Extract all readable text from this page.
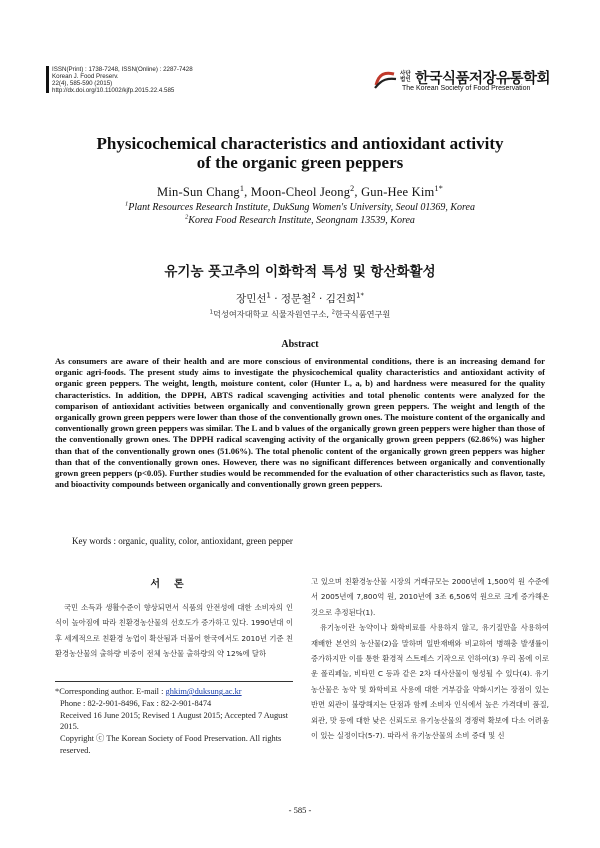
ISSN(Print) : 1738-7248, ISSN(Online) : 2287-7428
Korean J. Food Preserv.
22(4), 585-590 (2015)
http://dx.doi.org/10.11002/kjfp.2015.22.4.585
사단
법인 한국식품저장유통학회
The Korean Society of Food Preservation
Physicochemical characteristics and antioxidant activity
of the organic green peppers
Min-Sun Chang$^1$, Moon-Cheol Jeong$^2$, Gun-Hee Kim$^{1*}$
$^1$Plant Resources Research Institute, DukSung Women's University, Seoul 01369, Korea
$^2$Korea Food Research Institute, Seongnam 13539, Korea
유기농 풋고추의 이화학적 특성 및 항산화활성
장민선$^1$ · 정문철$^2$ · 김건희$^{1*}$
$^1$덕성여자대학교 식물자원연구소, $^2$한국식품연구원
Abstract
As consumers are aware of their health and are more conscious of environmental conditions, there is an increasing demand for organic agri-foods. The present study aims to investigate the physicochemical quality characteristics and antioxidant activity of organic green peppers. The weight, length, moisture content, color (Hunter L, a, b) and hardness were measured for the quality characteristics. In addition, the DPPH, ABTS radical scavenging activities and total phenolic contents were analyzed for the comparison of antioxidant activities between organically and conventionally grown green peppers. The weight and length of the organically grown green peppers were lower than those of the conventionally grown ones. The moisture content of the organically and conventionally grown green peppers was similar. The L and b values of the organically grown green peppers were higher than those of the conventionally grown ones. The DPPH radical scavenging activity of the organically grown green peppers (62.86%) was higher than that of the conventionally grown ones (51.06%). The total phenolic content of the organically grown green peppers was higher than that of the conventionally grown ones. However, there was no significant differences between organically and conventionally grown green peppers (p<0.05). Further studies would be recommended for the evaluation of other characteristics such as flavor, taste, and bioactivity compounds between organically and conventionally grown green peppers.
Key words : organic, quality, color, antioxidant, green pepper
서론

국민 소득과 생활수준이 향상되면서 식품의 안전성에 대한 소비자의 인식이 높아짐에 따라 친환경농산물의 선호도가 증가하고 있다. 1990년대 이후 세계적으로 친환경 농업이 확산됨과 더불어 한국에서도 2010년 기준 친환경농산물의 출하량 비중이 전체 농산물 출하량의 약 12%에 달하

*Corresponding author. E-mail : ghkim@duksung.ac.kr
Phone : 82-2-901-8496, Fax : 82-2-901-8474
Received 16 June 2015; Revised 1 August 2015; Accepted 7 August 2015.
Copyright ⓒ The Korean Society of Food Preservation. All rights reserved.

고 있으며 친환경농산물 시장의 거래규모는 2000년에 1,500억 원 수준에서 2005년에 7,800억 원, 2010년에 3조 6,506억 원으로 크게 증가해온 것으로 추정된다(1).

유기농이란 농약이나 화학비료를 사용하지 않고, 유기질만을 사용하여 재배한 본연의 농산물(2)을 말하며 일반재배와 비교하여 병해충 발생률이 증가하지만 이를 통한 환경적 스트레스 기작으로 인하여(3) 우리 몸에 이로운 폴리페놀, 비타민 C 등과 같은 2차 대사산물이 형성될 수 있다(4). 유기농산물은 농약 및 화학비료 사용에 대한 거부감을 약화시키는 장점이 있는 반면 외관이 불량해지는 단점과 함께 소비자 인식에서 높은 가격대비 품질, 외관, 맛 등에 대한 낮은 신뢰도로 유기농산물의 경쟁력 확보에 다소 어려움이 있는 실정이다(5-7). 따라서 유기농산물의 소비 증대 및 신

- 585 -
